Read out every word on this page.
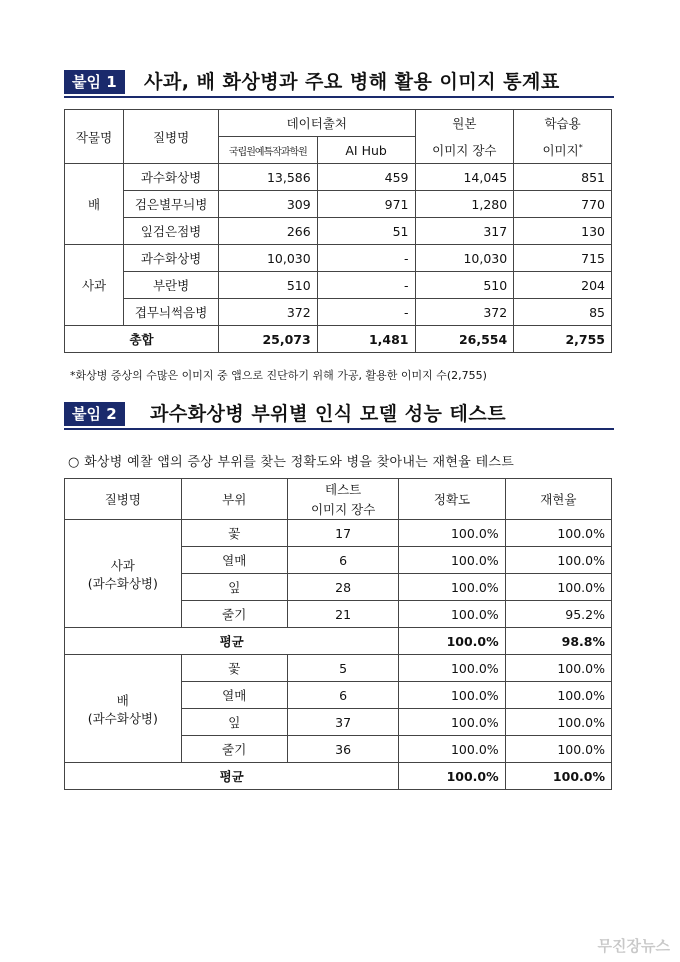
붙임 1	사과, 배 화상병과 주요 병해 활용 이미지 통계표
작물명	질병명	데이터출처		원본	학습용
		국립원예특작과학원	AI Hub	이미지 장수	이미지*
배	과수화상병	13,586	459	14,045	851
	검은별무늬병	309	971	1,280	770
	잎검은점병	266	51	317	130
사과	과수화상병	10,030	-	10,030	715
	부란병	510	-	510	204
	겹무늬썩음병	372	-	372	85
총합		25,073	1,481	26,554	2,755
*화상병 증상의 수많은 이미지 중 앱으로 진단하기 위해 가공, 활용한 이미지 수(2,755)
붙임 2	과수화상병 부위별 인식 모델 성능 테스트
○ 화상병 예찰 앱의 증상 부위를 찾는 정확도와 병을 찾아내는 재현율 테스트
질병명	부위	테스트	정확도	재현율
		이미지 장수		

사과
(과수화상병)	꽃	17	100.0%	100.0%
	열매	6	100.0%	100.0%
	잎	28	100.0%	100.0%
	줄기	21	100.0%	95.2%
평균			100.0%	98.8%

배
(과수화상병)	꽃	5	100.0%	100.0%
	열매	6	100.0%	100.0%
	잎	37	100.0%	100.0%
	줄기	36	100.0%	100.0%
평균			100.0%	100.0%
무진장뉴스
